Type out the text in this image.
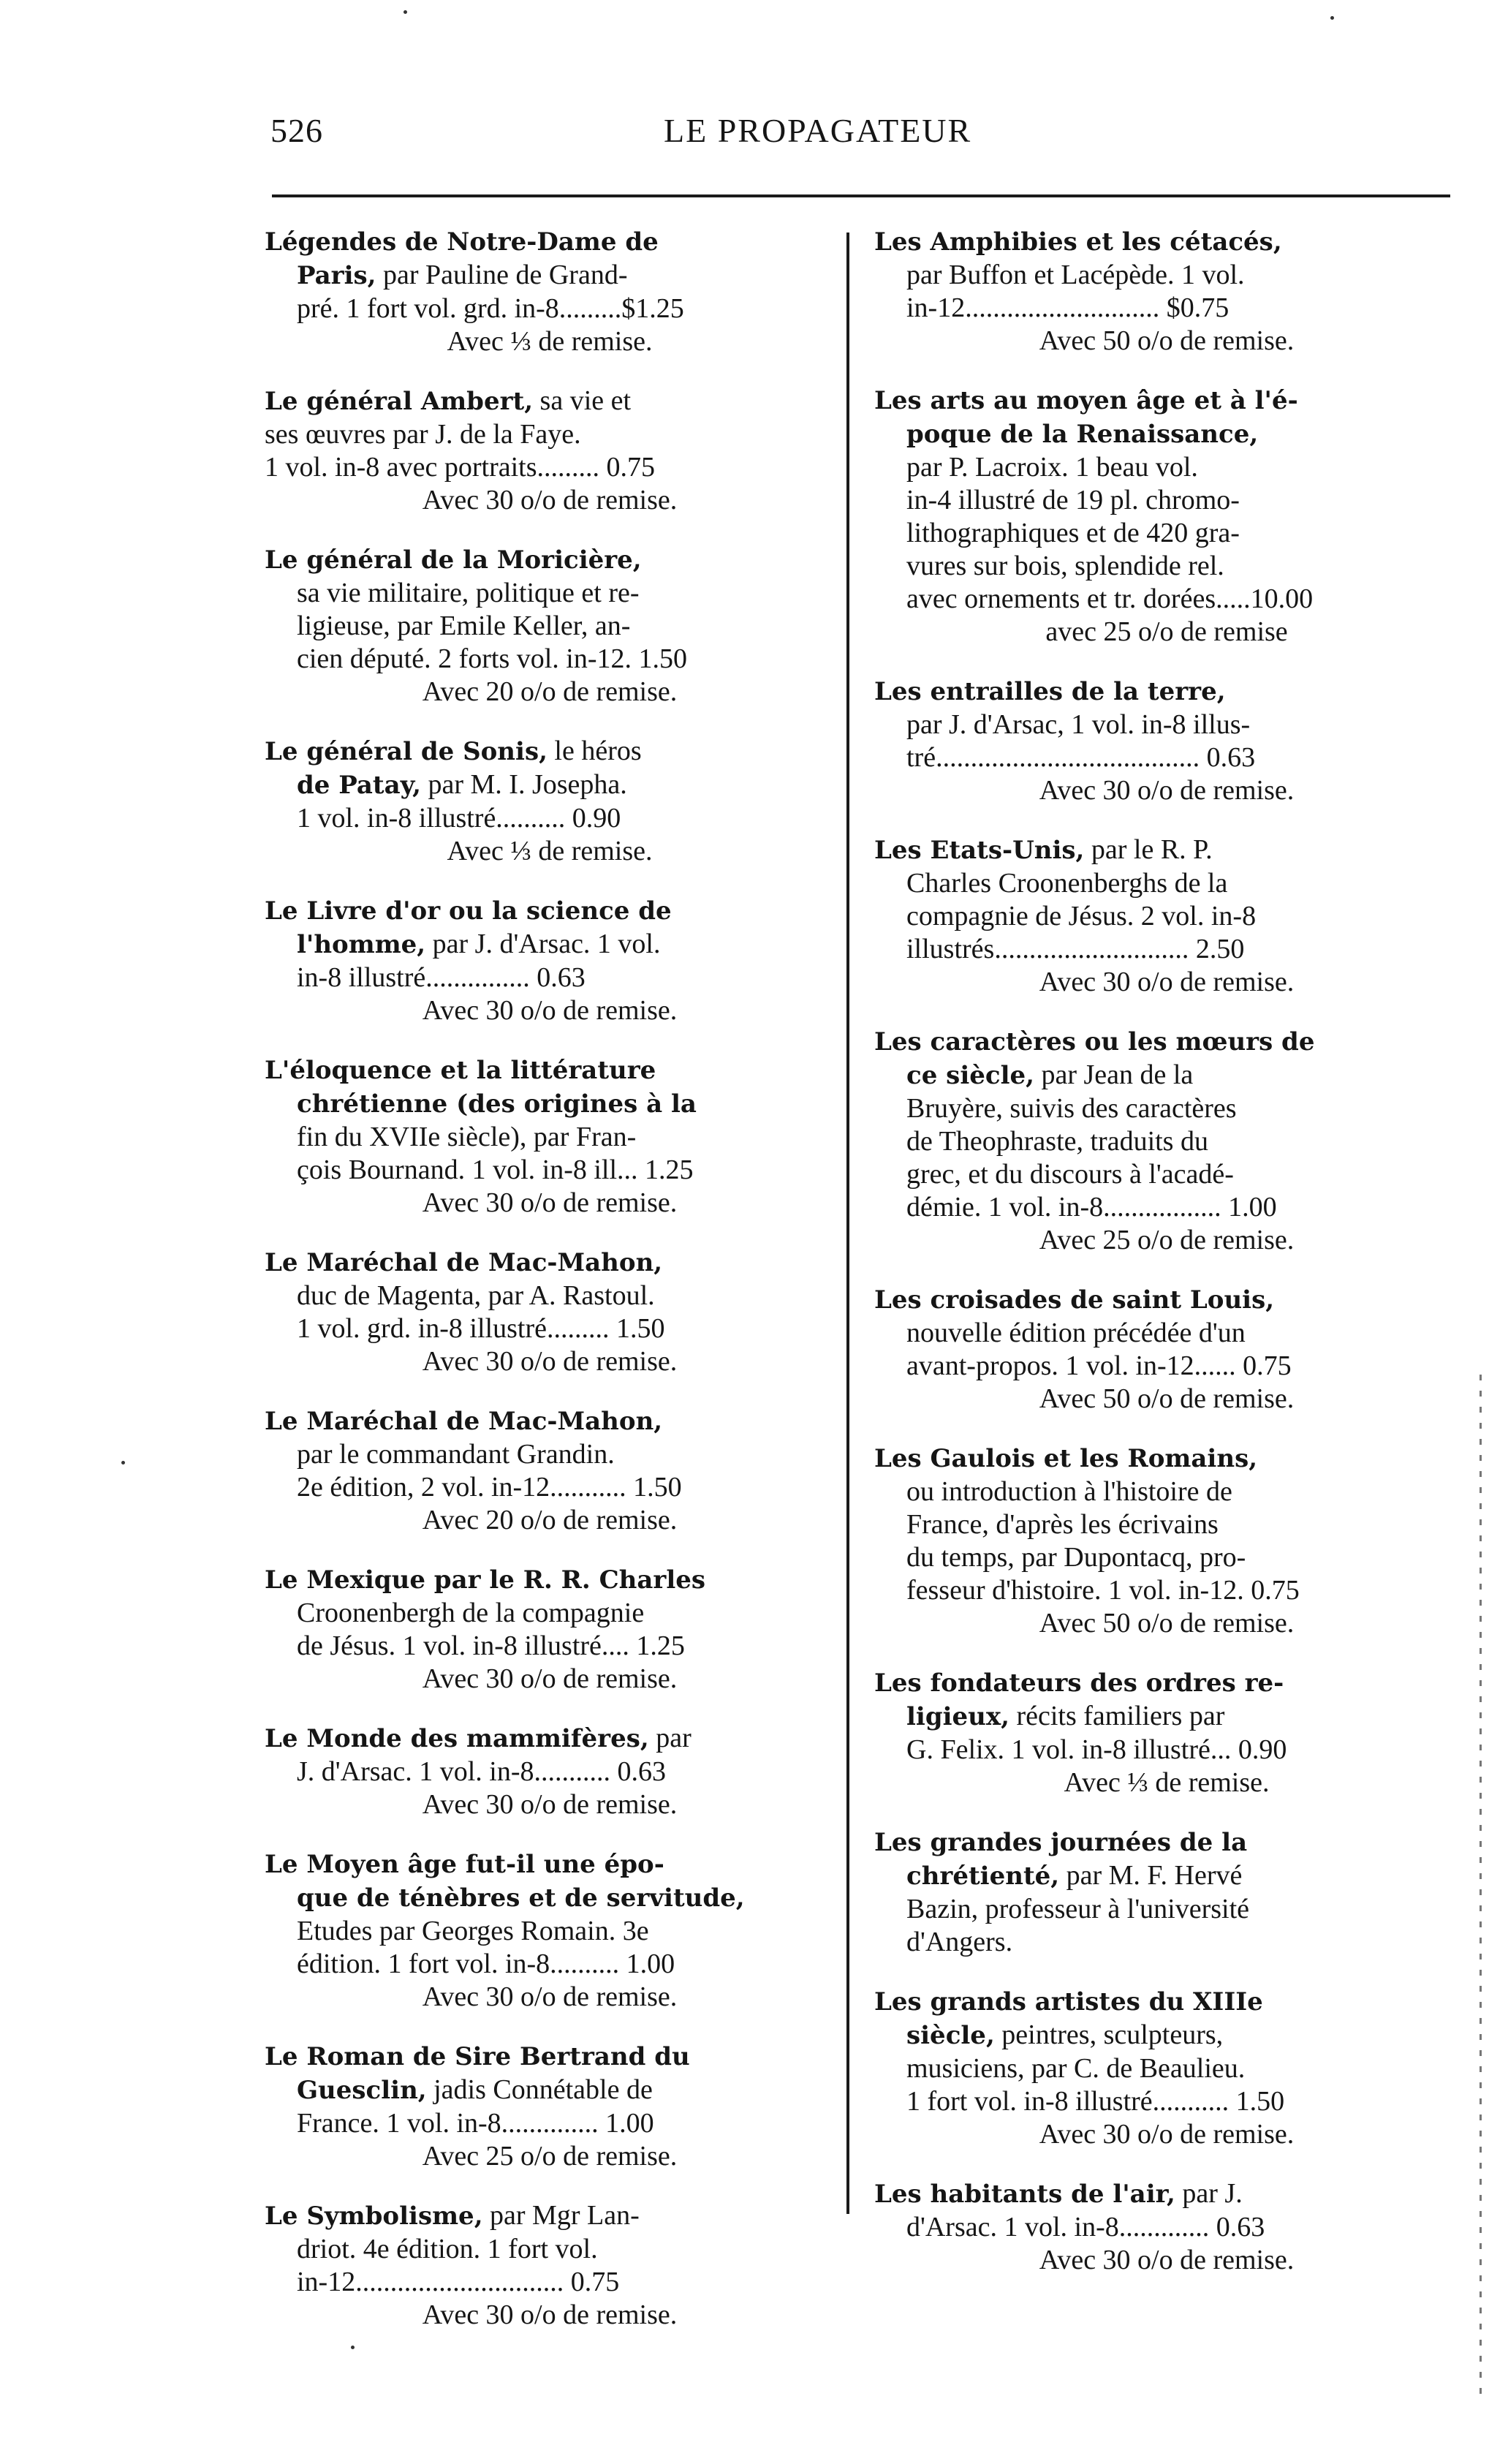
526	LE PROPAGATEUR
Légendes de Notre-Dame de
Paris, par Pauline de Grand-
pré. 1 fort vol. grd. in-8.........$1.25
Avec ⅓ de remise.
Le général Ambert, sa vie et
ses œuvres par J. de la Faye.
1 vol. in-8 avec portraits......... 0.75
Avec 30 o/o de remise.
Le général de la Moricière,
sa vie militaire, politique et re-
ligieuse, par Emile Keller, an-
cien député. 2 forts vol. in-12. 1.50
Avec 20 o/o de remise.
Le général de Sonis, le héros
de Patay, par M. I. Josepha.
1 vol. in-8 illustré.......... 0.90
Avec ⅓ de remise.
Le Livre d'or ou la science de
l'homme, par J. d'Arsac. 1 vol.
in-8 illustré............... 0.63
Avec 30 o/o de remise.
L'éloquence et la littérature
chrétienne (des origines à la
fin du XVIIe siècle), par Fran-
çois Bournand. 1 vol. in-8 ill... 1.25
Avec 30 o/o de remise.
Le Maréchal de Mac-Mahon,
duc de Magenta, par A. Rastoul.
1 vol. grd. in-8 illustré......... 1.50
Avec 30 o/o de remise.
Le Maréchal de Mac-Mahon,
par le commandant Grandin.
2e édition, 2 vol. in-12........... 1.50
Avec 20 o/o de remise.
Le Mexique par le R. R. Charles
Croonenbergh de la compagnie
de Jésus. 1 vol. in-8 illustré.... 1.25
Avec 30 o/o de remise.
Le Monde des mammifères, par
J. d'Arsac. 1 vol. in-8........... 0.63
Avec 30 o/o de remise.
Le Moyen âge fut-il une épo-
que de ténèbres et de servitude,
Etudes par Georges Romain. 3e
édition. 1 fort vol. in-8.......... 1.00
Avec 30 o/o de remise.
Le Roman de Sire Bertrand du
Guesclin, jadis Connétable de
France. 1 vol. in-8.............. 1.00
Avec 25 o/o de remise.
Le Symbolisme, par Mgr Lan-
driot. 4e édition. 1 fort vol.
in-12.............................. 0.75
Avec 30 o/o de remise.
Les Amphibies et les cétacés,
par Buffon et Lacépède. 1 vol.
in-12............................ $0.75
Avec 50 o/o de remise.
Les arts au moyen âge et à l'é-
poque de la Renaissance,
par P. Lacroix. 1 beau vol.
in-4 illustré de 19 pl. chromo-
lithographiques et de 420 gra-
vures sur bois, splendide rel.
avec ornements et tr. dorées.....10.00
avec 25 o/o de remise
Les entrailles de la terre,
par J. d'Arsac, 1 vol. in-8 illus-
tré...................................... 0.63
Avec 30 o/o de remise.
Les Etats-Unis, par le R. P.
Charles Croonenberghs de la
compagnie de Jésus. 2 vol. in-8
illustrés............................ 2.50
Avec 30 o/o de remise.
Les caractères ou les mœurs de
ce siècle, par Jean de la
Bruyère, suivis des caractères
de Theophraste, traduits du
grec, et du discours à l'acadé-
démie. 1 vol. in-8................. 1.00
Avec 25 o/o de remise.
Les croisades de saint Louis,
nouvelle édition précédée d'un
avant-propos. 1 vol. in-12...... 0.75
Avec 50 o/o de remise.
Les Gaulois et les Romains,
ou introduction à l'histoire de
France, d'après les écrivains
du temps, par Dupontacq, pro-
fesseur d'histoire. 1 vol. in-12. 0.75
Avec 50 o/o de remise.
Les fondateurs des ordres re-
ligieux, récits familiers par
G. Felix. 1 vol. in-8 illustré... 0.90
Avec ⅓ de remise.
Les grandes journées de la
chrétienté, par M. F. Hervé
Bazin, professeur à l'université
d'Angers.
Les grands artistes du XIIIe
siècle, peintres, sculpteurs,
musiciens, par C. de Beaulieu.
1 fort vol. in-8 illustré........... 1.50
Avec 30 o/o de remise.
Les habitants de l'air, par J.
d'Arsac. 1 vol. in-8............. 0.63
Avec 30 o/o de remise.
